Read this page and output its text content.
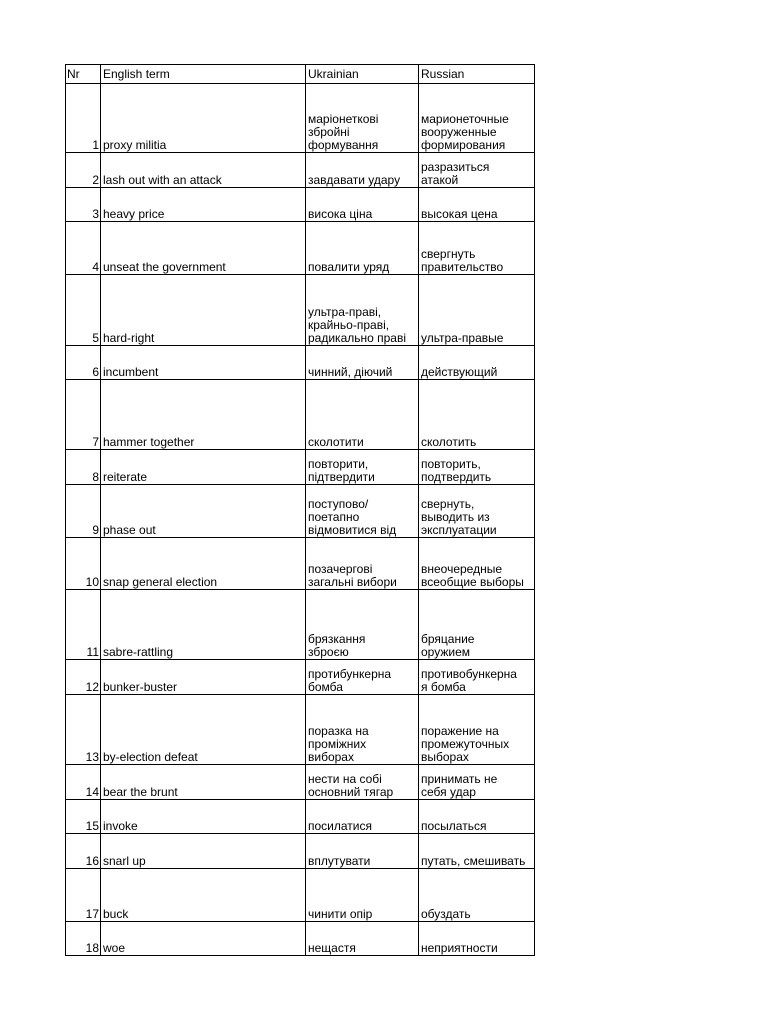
Nr	English term	Ukrainian	Russian
1	proxy militia	маріонеткові
збройні
формування	марионеточные
вооруженные
формирования
2	lash out with an attack	завдавати удару	разразиться
атакой
3	heavy price	висока ціна	высокая цена
4	unseat the government	повалити уряд	свергнуть
правительство
5	hard-right	ультра-праві,
крайньо-праві,
радикально праві	ультра-правые
6	incumbent	чинний, діючий	действующий
7	hammer together	сколотити	сколотить
8	reiterate	повторити,
підтвердити	повторить,
подтвердить
9	phase out	поступово/
поетапно
відмовитися від	свернуть,
выводить из
эксплуатации
10	snap general election	позачергові
загальні вибори	внеочередные
всеобщие выборы
11	sabre-rattling	брязкання
зброєю	бряцание
оружием
12	bunker-buster	протибункерна
бомба	противобункерна
я бомба
13	by-election defeat	поразка на
проміжних
виборах	поражение на
промежуточных
выборах
14	bear the brunt	нести на собі
основний тягар	принимать не
себя удар
15	invoke	посилатися	посылаться
16	snarl up	вплутувати	путать, смешивать
17	buck	чинити опір	обуздать
18	woe	нещастя	неприятности
